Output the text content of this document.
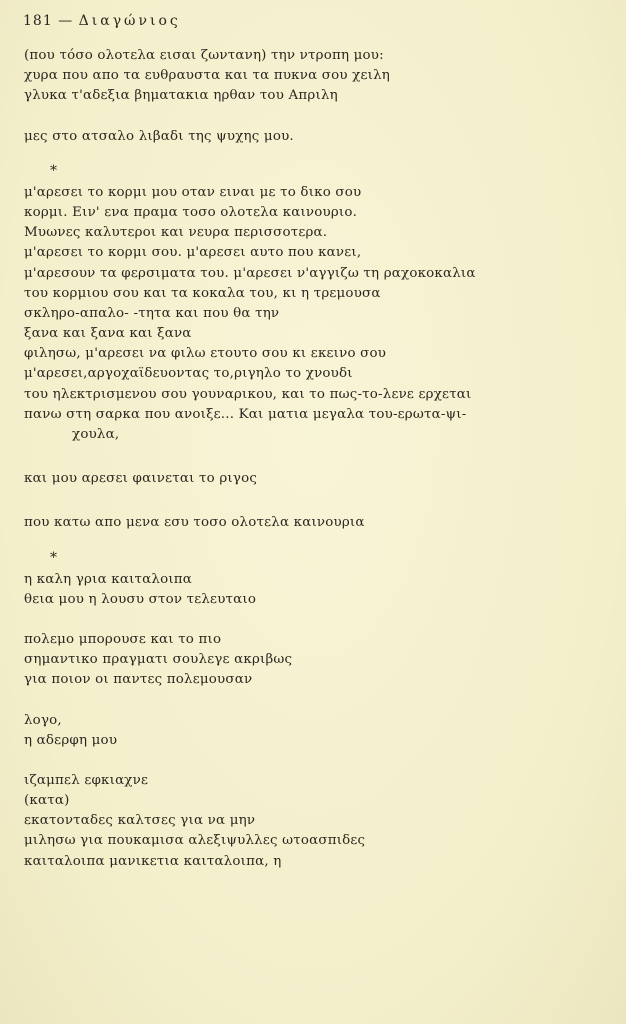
181 — Διαγώνιος
(που τόσο ολοτελα εισαι ζωντανη) την ντροπη μου:
χυρα που απο τα ευθραυστα και τα πυκνα σου χειλη
γλυκα τ'αδεξια βηματακια ηρθαν του Απριλη
μες στο ατσαλο λιβαδι της ψυχης μου.
*
μ'αρεσει το κορμι μου οταν ειναι με το δικο σου
κορμι. Ειν' ενα πραμα τοσο ολοτελα καινουριο.
Μυωνες καλυτεροι και νευρα περισσοτερα.
μ'αρεσει το κορμι σου. μ'αρεσει αυτο που κανει,
μ'αρεσουν τα φερσιματα του. μ'αρεσει ν'αγγιζω τη ραχοκοκαλια
του κορμιου σου και τα κοκαλα του, κι η τρεμουσα
σκληρο-απαλο- -τητα και που θα την
ξανα και ξανα και ξανα
φιλησω, μ'αρεσει να φιλω ετουτο σου κι εκεινο σου
μ'αρεσει,αργοχαϊδευοντας το,ριγηλο το χνουδι
του ηλεκτρισμενου σου γουναρικου, και το πως-το-λενε ερχεται
πανω στη σαρκα που ανοιξε... Και ματια μεγαλα του-ερωτα-ψι-
χουλα,
και μου αρεσει φαινεται το ριγος
που κατω απο μενα εσυ τοσο ολοτελα καινουρια
*
η καλη γρια καιταλοιπα
θεια μου η λουσυ στον τελευταιο
πολεμο μπορουσε και το πιο
σημαντικο πραγματι σουλεγε ακριβως
για ποιον οι παντες πολεμουσαν
λογο,
η αδερφη μου
ιζαμπελ εφκιαχνε
(κατα)
εκατονταδες καλτσες για να μην
μιλησω για πουκαμισα αλεξιψυλλες ωτοασπιδες
καιταλοιπα μανικετια καιταλοιπα, η
